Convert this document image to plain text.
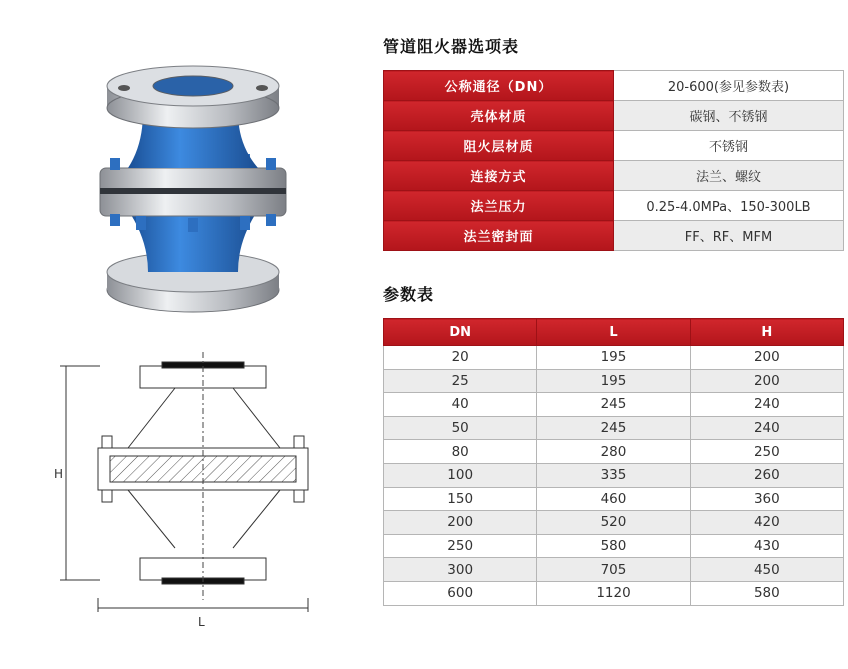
H
L
管道阻火器选项表
公称通径（DN）	20-600(参见参数表)
壳体材质	碳钢、不锈钢
阻火层材质	不锈钢
连接方式	法兰、螺纹
法兰压力	0.25-4.0MPa、150-300LB
法兰密封面	FF、RF、MFM
参数表
DN	L	H
20	195	200
25	195	200
40	245	240
50	245	240
80	280	250
100	335	260
150	460	360
200	520	420
250	580	430
300	705	450
600	1120	580
